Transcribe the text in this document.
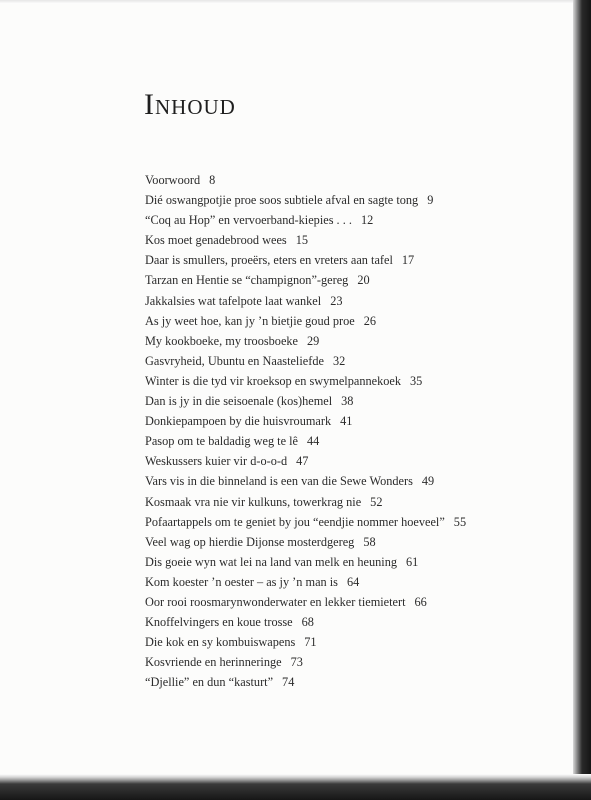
Inhoud
Voorwoord 8
Dié oswangpotjie proe soos subtiele afval en sagte tong 9
“Coq au Hop” en vervoerband-kiepies . . . 12
Kos moet genadebrood wees 15
Daar is smullers, proeërs, eters en vreters aan tafel 17
Tarzan en Hentie se “champignon”-gereg 20
Jakkalsies wat tafelpote laat wankel 23
As jy weet hoe, kan jy ’n bietjie goud proe 26
My kookboeke, my troosboeke 29
Gasvryheid, Ubuntu en Naasteliefde 32
Winter is die tyd vir kroeksop en swymelpannekoek 35
Dan is jy in die seisoenale (kos)hemel 38
Donkiepampoen by die huisvroumark 41
Pasop om te baldadig weg te lê 44
Weskussers kuier vir d-o-o-d 47
Vars vis in die binneland is een van die Sewe Wonders 49
Kosmaak vra nie vir kulkuns, towerkrag nie 52
Pofaartappels om te geniet by jou “eendjie nommer hoeveel” 55
Veel wag op hierdie Dijonse mosterdgereg 58
Dis goeie wyn wat lei na land van melk en heuning 61
Kom koester ’n oester – as jy ’n man is 64
Oor rooi roosmarynwonderwater en lekker tiemietert 66
Knoffelvingers en koue trosse 68
Die kok en sy kombuiswapens 71
Kosvriende en herinneringe 73
“Djellie” en dun “kasturt” 74
